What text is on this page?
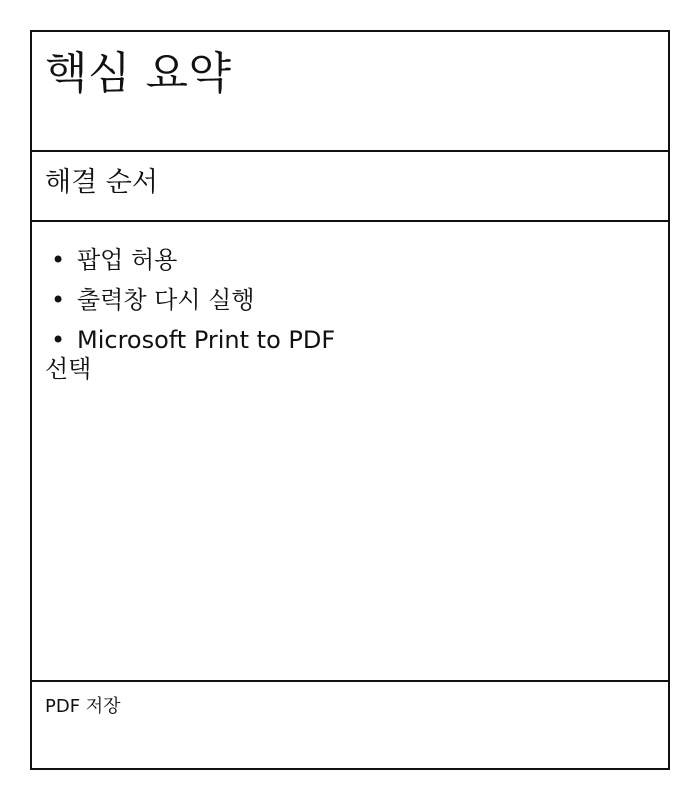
핵심 요약
해결 순서
• 팝업 허용
• 출력창 다시 실행
• Microsoft Print to PDF
선택

PDF 저장
